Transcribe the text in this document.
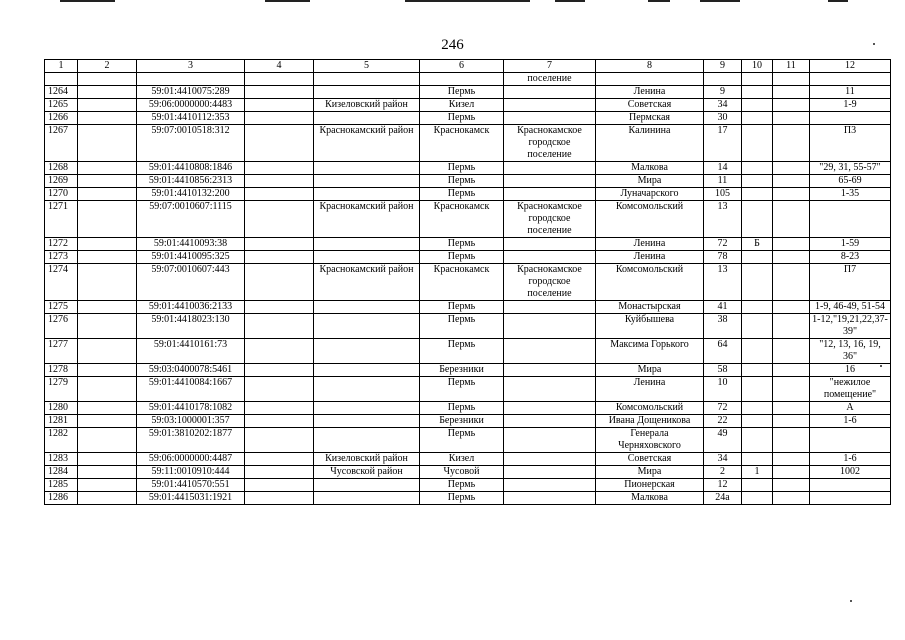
246
1	2	3	4	5	6	7	8	9	10	11	12
						поселение					
1264		59:01:4410075:289			Пермь		Ленина	9			11
1265		59:06:0000000:4483		Кизеловский район	Кизел		Советская	34			1-9
1266		59:01:4410112:353			Пермь		Пермская	30			
1267		59:07:0010518:312		Краснокамский район	Краснокамск	Краснокамское городское поселение	Калинина	17			П3
1268		59:01:4410808:1846			Пермь		Малкова	14			"29, 31, 55-57"
1269		59:01:4410856:2313			Пермь		Мира	11			65-69
1270		59:01:4410132:200			Пермь		Луначарского	105			1-35
1271		59:07:0010607:1115		Краснокамский район	Краснокамск	Краснокамское городское поселение	Комсомольский	13			
1272		59:01:4410093:38			Пермь		Ленина	72	Б		1-59
1273		59:01:4410095:325			Пермь		Ленина	78			8-23
1274		59:07:0010607:443		Краснокамский район	Краснокамск	Краснокамское городское поселение	Комсомольский	13			П7
1275		59:01:4410036:2133			Пермь		Монастырская	41			1-9, 46-49, 51-54
1276		59:01:4418023:130			Пермь		Куйбышева	38			1-12,"19,21,22,37-39"
1277		59:01:4410161:73			Пермь		Максима Горького	64			"12, 13, 16, 19, 36"
1278		59:03:0400078:5461			Березники		Мира	58			16
1279		59:01:4410084:1667			Пермь		Ленина	10			"нежилое помещение"
1280		59:01:4410178:1082			Пермь		Комсомольский	72			А
1281		59:03:1000001:357			Березники		Ивана Дощеникова	22			1-6
1282		59:01:3810202:1877			Пермь		Генерала Черняховского	49			
1283		59:06:0000000:4487		Кизеловский район	Кизел		Советская	34			1-6
1284		59:11:0010910:444		Чусовской район	Чусовой		Мира	2	1		1002
1285		59:01:4410570:551			Пермь		Пионерская	12			
1286		59:01:4415031:1921			Пермь		Малкова	24а			
